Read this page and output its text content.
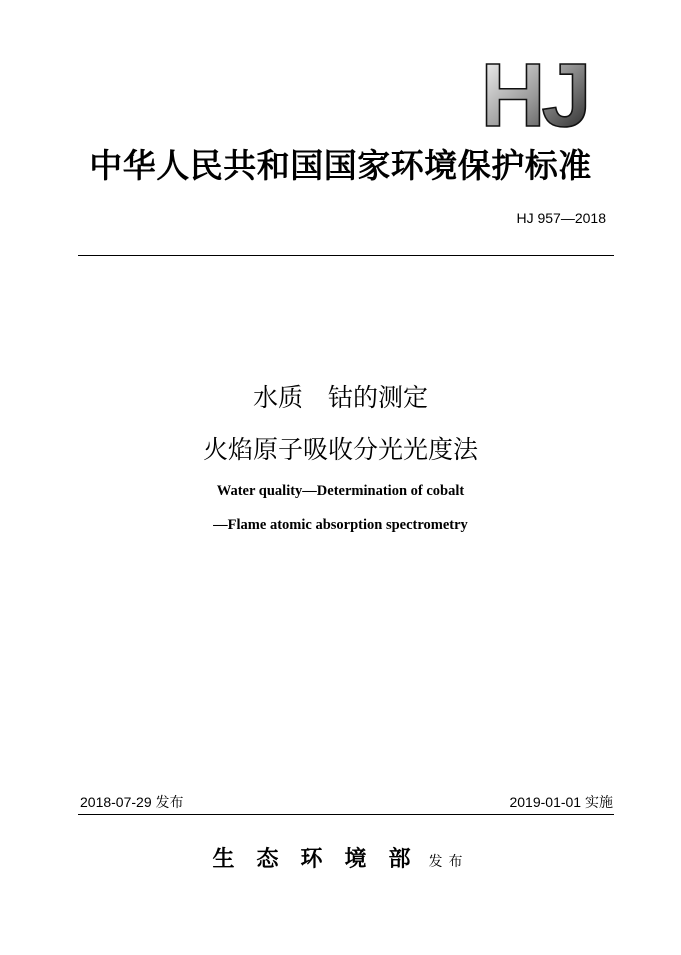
HJ
中华人民共和国国家环境保护标准
HJ 957—2018
水质　钴的测定
火焰原子吸收分光光度法
Water quality—Determination of cobalt
—Flame atomic absorption spectrometry
2018-07-29 发布	2019-01-01 实施
生态环境部发布
